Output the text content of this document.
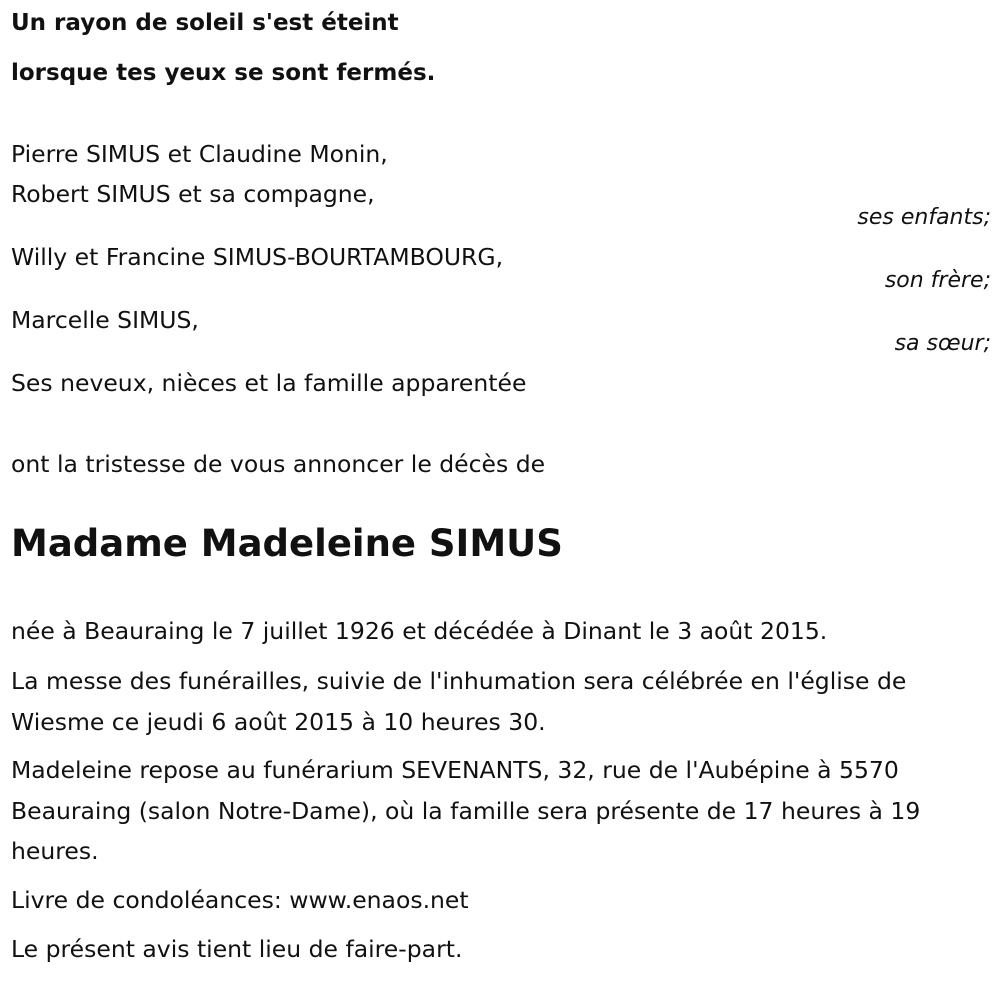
Un rayon de soleil s'est éteint
lorsque tes yeux se sont fermés.
Pierre SIMUS et Claudine Monin,
Robert SIMUS et sa compagne,
ses enfants;
Willy et Francine SIMUS-BOURTAMBOURG,
son frère;
Marcelle SIMUS,
sa sœur;
Ses neveux, nièces et la famille apparentée
ont la tristesse de vous annoncer le décès de
Madame Madeleine SIMUS
née à Beauraing le 7 juillet 1926 et décédée à Dinant le 3 août 2015.
La messe des funérailles, suivie de l'inhumation sera célébrée en l'église de Wiesme ce jeudi 6 août 2015 à 10 heures 30.
Madeleine repose au funérarium SEVENANTS, 32, rue de l'Aubépine à 5570 Beauraing (salon Notre-Dame), où la famille sera présente de 17 heures à 19 heures.
Livre de condoléances: www.enaos.net
Le présent avis tient lieu de faire-part.
